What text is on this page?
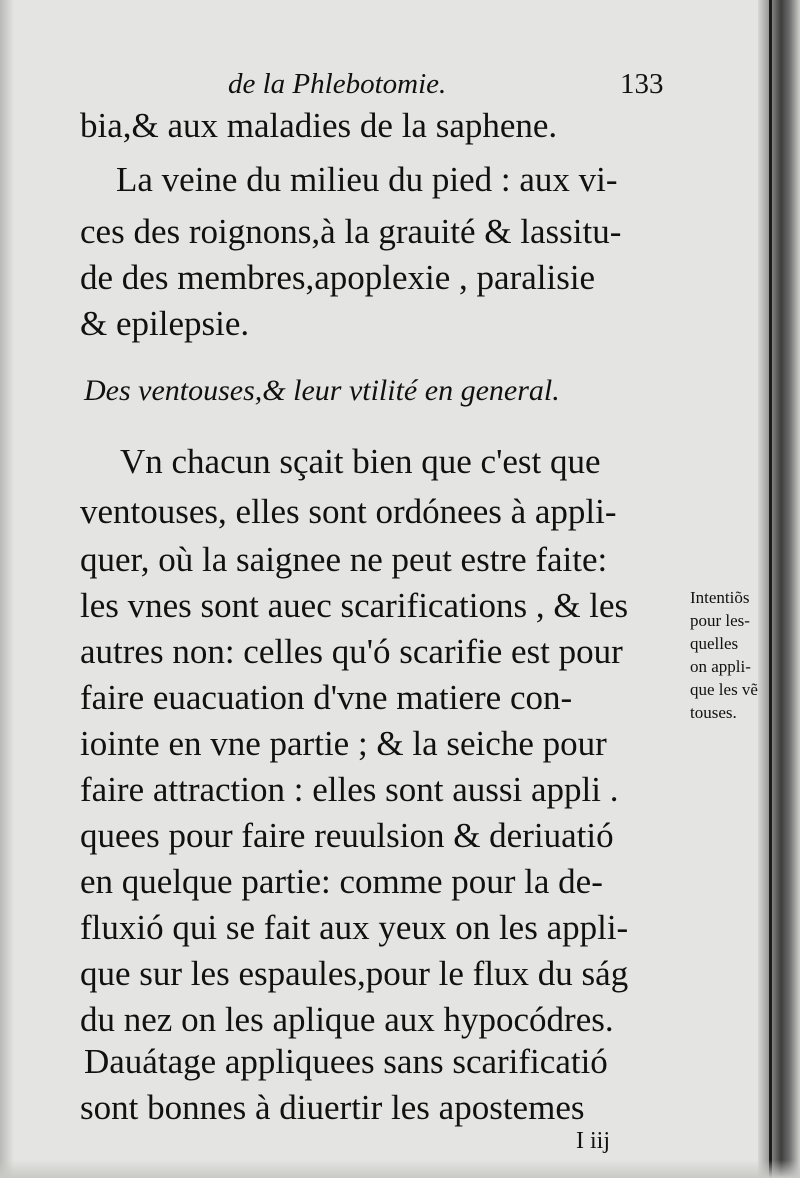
de la Phlebotomie.	133
bia,& aux maladies de la saphene.
La veine du milieu du pied : aux vi-
ces des roignons,à la grauité & lassitu-
de des membres,apoplexie , paralisie
& epilepsie.
Des ventouses,& leur vtilité en general.
Vn chacun sçait bien que c'est que
ventouses, elles sont ordónees à appli-
quer, où la saignee ne peut estre faite:
les vnes sont auec scarifications , & les
autres non: celles qu'ó scarifie est pour
faire euacuation d'vne matiere con-
iointe en vne partie ; & la seiche pour
faire attraction : elles sont aussi appli .
quees pour faire reuulsion & deriuatió
en quelque partie: comme pour la de-
fluxió qui se fait aux yeux on les appli-
que sur les espaules,pour le flux du ság
du nez on les aplique aux hypocódres.
Dauátage appliquees sans scarificatió
sont bonnes à diuertir les apostemes
Intentiõs
pour les-
quelles
on appli-
que les vẽ
touses.
I iij
